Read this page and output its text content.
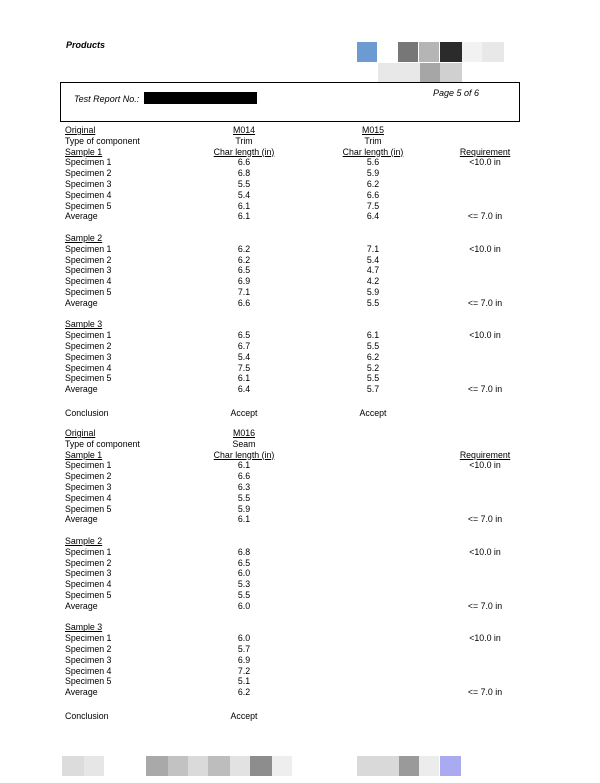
Products
Test Report No.:
Page 5 of 6
Original	M014	M015
Type of component	Trim	Trim
Sample 1	Char length (in)	Char length (in)	Requirement
Specimen 1	6.6	5.6	<10.0 in
Specimen 2	6.8	5.9
Specimen 3	5.5	6.2
Specimen 4	5.4	6.6
Specimen 5	6.1	7.5
Average	6.1	6.4	<= 7.0 in
Sample 2
Specimen 1	6.2	7.1	<10.0 in
Specimen 2	6.2	5.4
Specimen 3	6.5	4.7
Specimen 4	6.9	4.2
Specimen 5	7.1	5.9
Average	6.6	5.5	<= 7.0 in
Sample 3
Specimen 1	6.5	6.1	<10.0 in
Specimen 2	6.7	5.5
Specimen 3	5.4	6.2
Specimen 4	7.5	5.2
Specimen 5	6.1	5.5
Average	6.4	5.7	<= 7.0 in
Conclusion	Accept	Accept
Original	M016
Type of component	Seam
Sample 1	Char length (in)	Requirement
Specimen 1	6.1	<10.0 in
Specimen 2	6.6
Specimen 3	6.3
Specimen 4	5.5
Specimen 5	5.9
Average	6.1	<= 7.0 in
Sample 2
Specimen 1	6.8	<10.0 in
Specimen 2	6.5
Specimen 3	6.0
Specimen 4	5.3
Specimen 5	5.5
Average	6.0	<= 7.0 in
Sample 3
Specimen 1	6.0	<10.0 in
Specimen 2	5.7
Specimen 3	6.9
Specimen 4	7.2
Specimen 5	5.1
Average	6.2	<= 7.0 in
Conclusion	Accept
